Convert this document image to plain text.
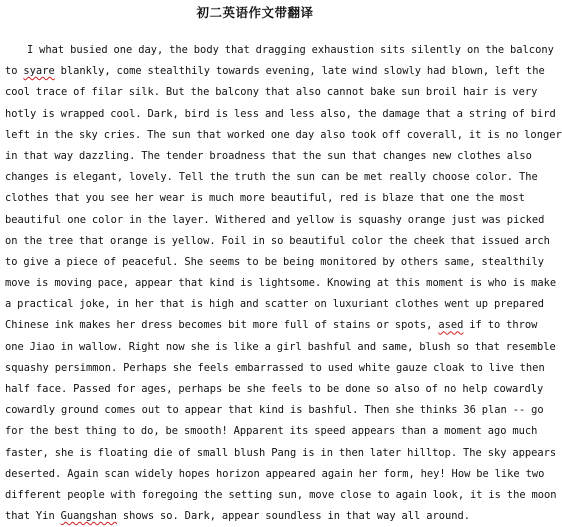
初二英语作文带翻译
I what busied one day, the body that dragging exhaustion sits silently on the balcony
to syare blankly, come stealthily towards evening, late wind slowly had blown, left the
cool trace of filar silk. But the balcony that also cannot bake sun broil hair is very
hotly is wrapped cool. Dark, bird is less and less also, the damage that a string of bird
left in the sky cries. The sun that worked one day also took off coverall, it is no longer
in that way dazzling. The tender broadness that the sun that changes new clothes also
changes is elegant, lovely. Tell the truth the sun can be met really choose color. The
clothes that you see her wear is much more beautiful, red is blaze that one the most
beautiful one color in the layer. Withered and yellow is squashy orange just was picked
on the tree that orange is yellow. Foil in so beautiful color the cheek that issued arch
to give a piece of peaceful. She seems to be being monitored by others same, stealthily
move is moving pace, appear that kind is lightsome. Knowing at this moment is who is make
a practical joke, in her that is high and scatter on luxuriant clothes went up prepared
Chinese ink makes her dress becomes bit more full of stains or spots, ased if to throw
one Jiao in wallow. Right now she is like a girl bashful and same, blush so that resemble
squashy persimmon. Perhaps she feels embarrassed to used white gauze cloak to live then
half face. Passed for ages, perhaps be she feels to be done so also of no help cowardly
cowardly ground comes out to appear that kind is bashful. Then she thinks 36 plan -- go
for the best thing to do, be smooth! Apparent its speed appears than a moment ago much
faster, she is floating die of small blush Pang is in then later hilltop. The sky appears
deserted. Again scan widely hopes horizon appeared again her form, hey! How be like two
different people with foregoing the setting sun, move close to again look, it is the moon
that Yin Guangshan shows so. Dark, appear soundless in that way all around.
